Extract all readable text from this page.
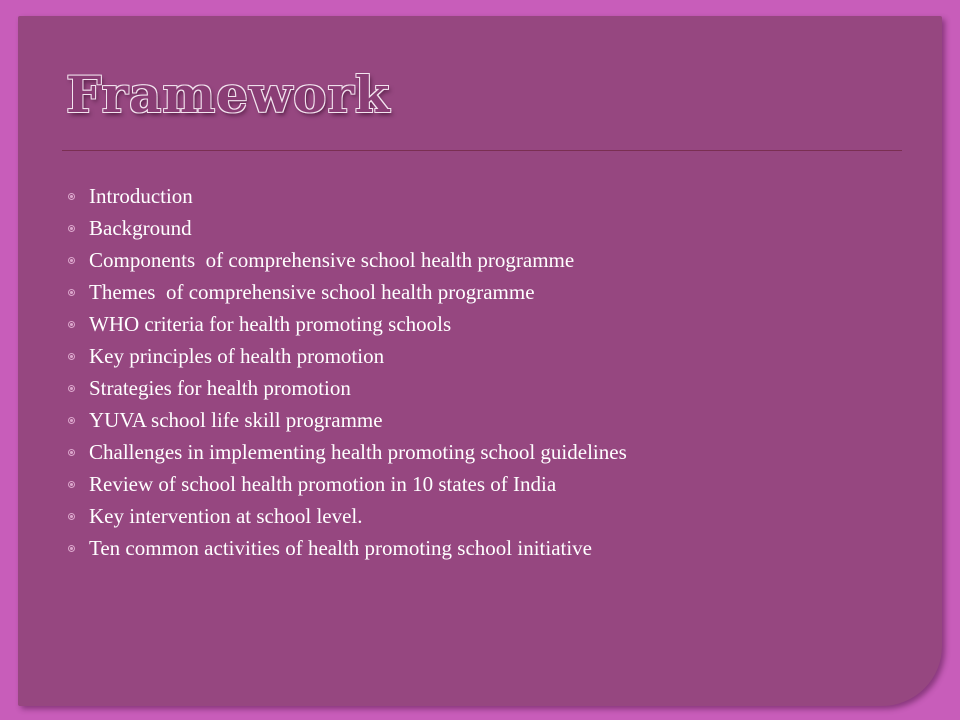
Framework
Introduction
Background
Components  of comprehensive school health programme
Themes  of comprehensive school health programme
WHO criteria for health promoting schools
Key principles of health promotion
Strategies for health promotion
YUVA school life skill programme
Challenges in implementing health promoting school guidelines
Review of school health promotion in 10 states of India
Key intervention at school level.
Ten common activities of health promoting school initiative
